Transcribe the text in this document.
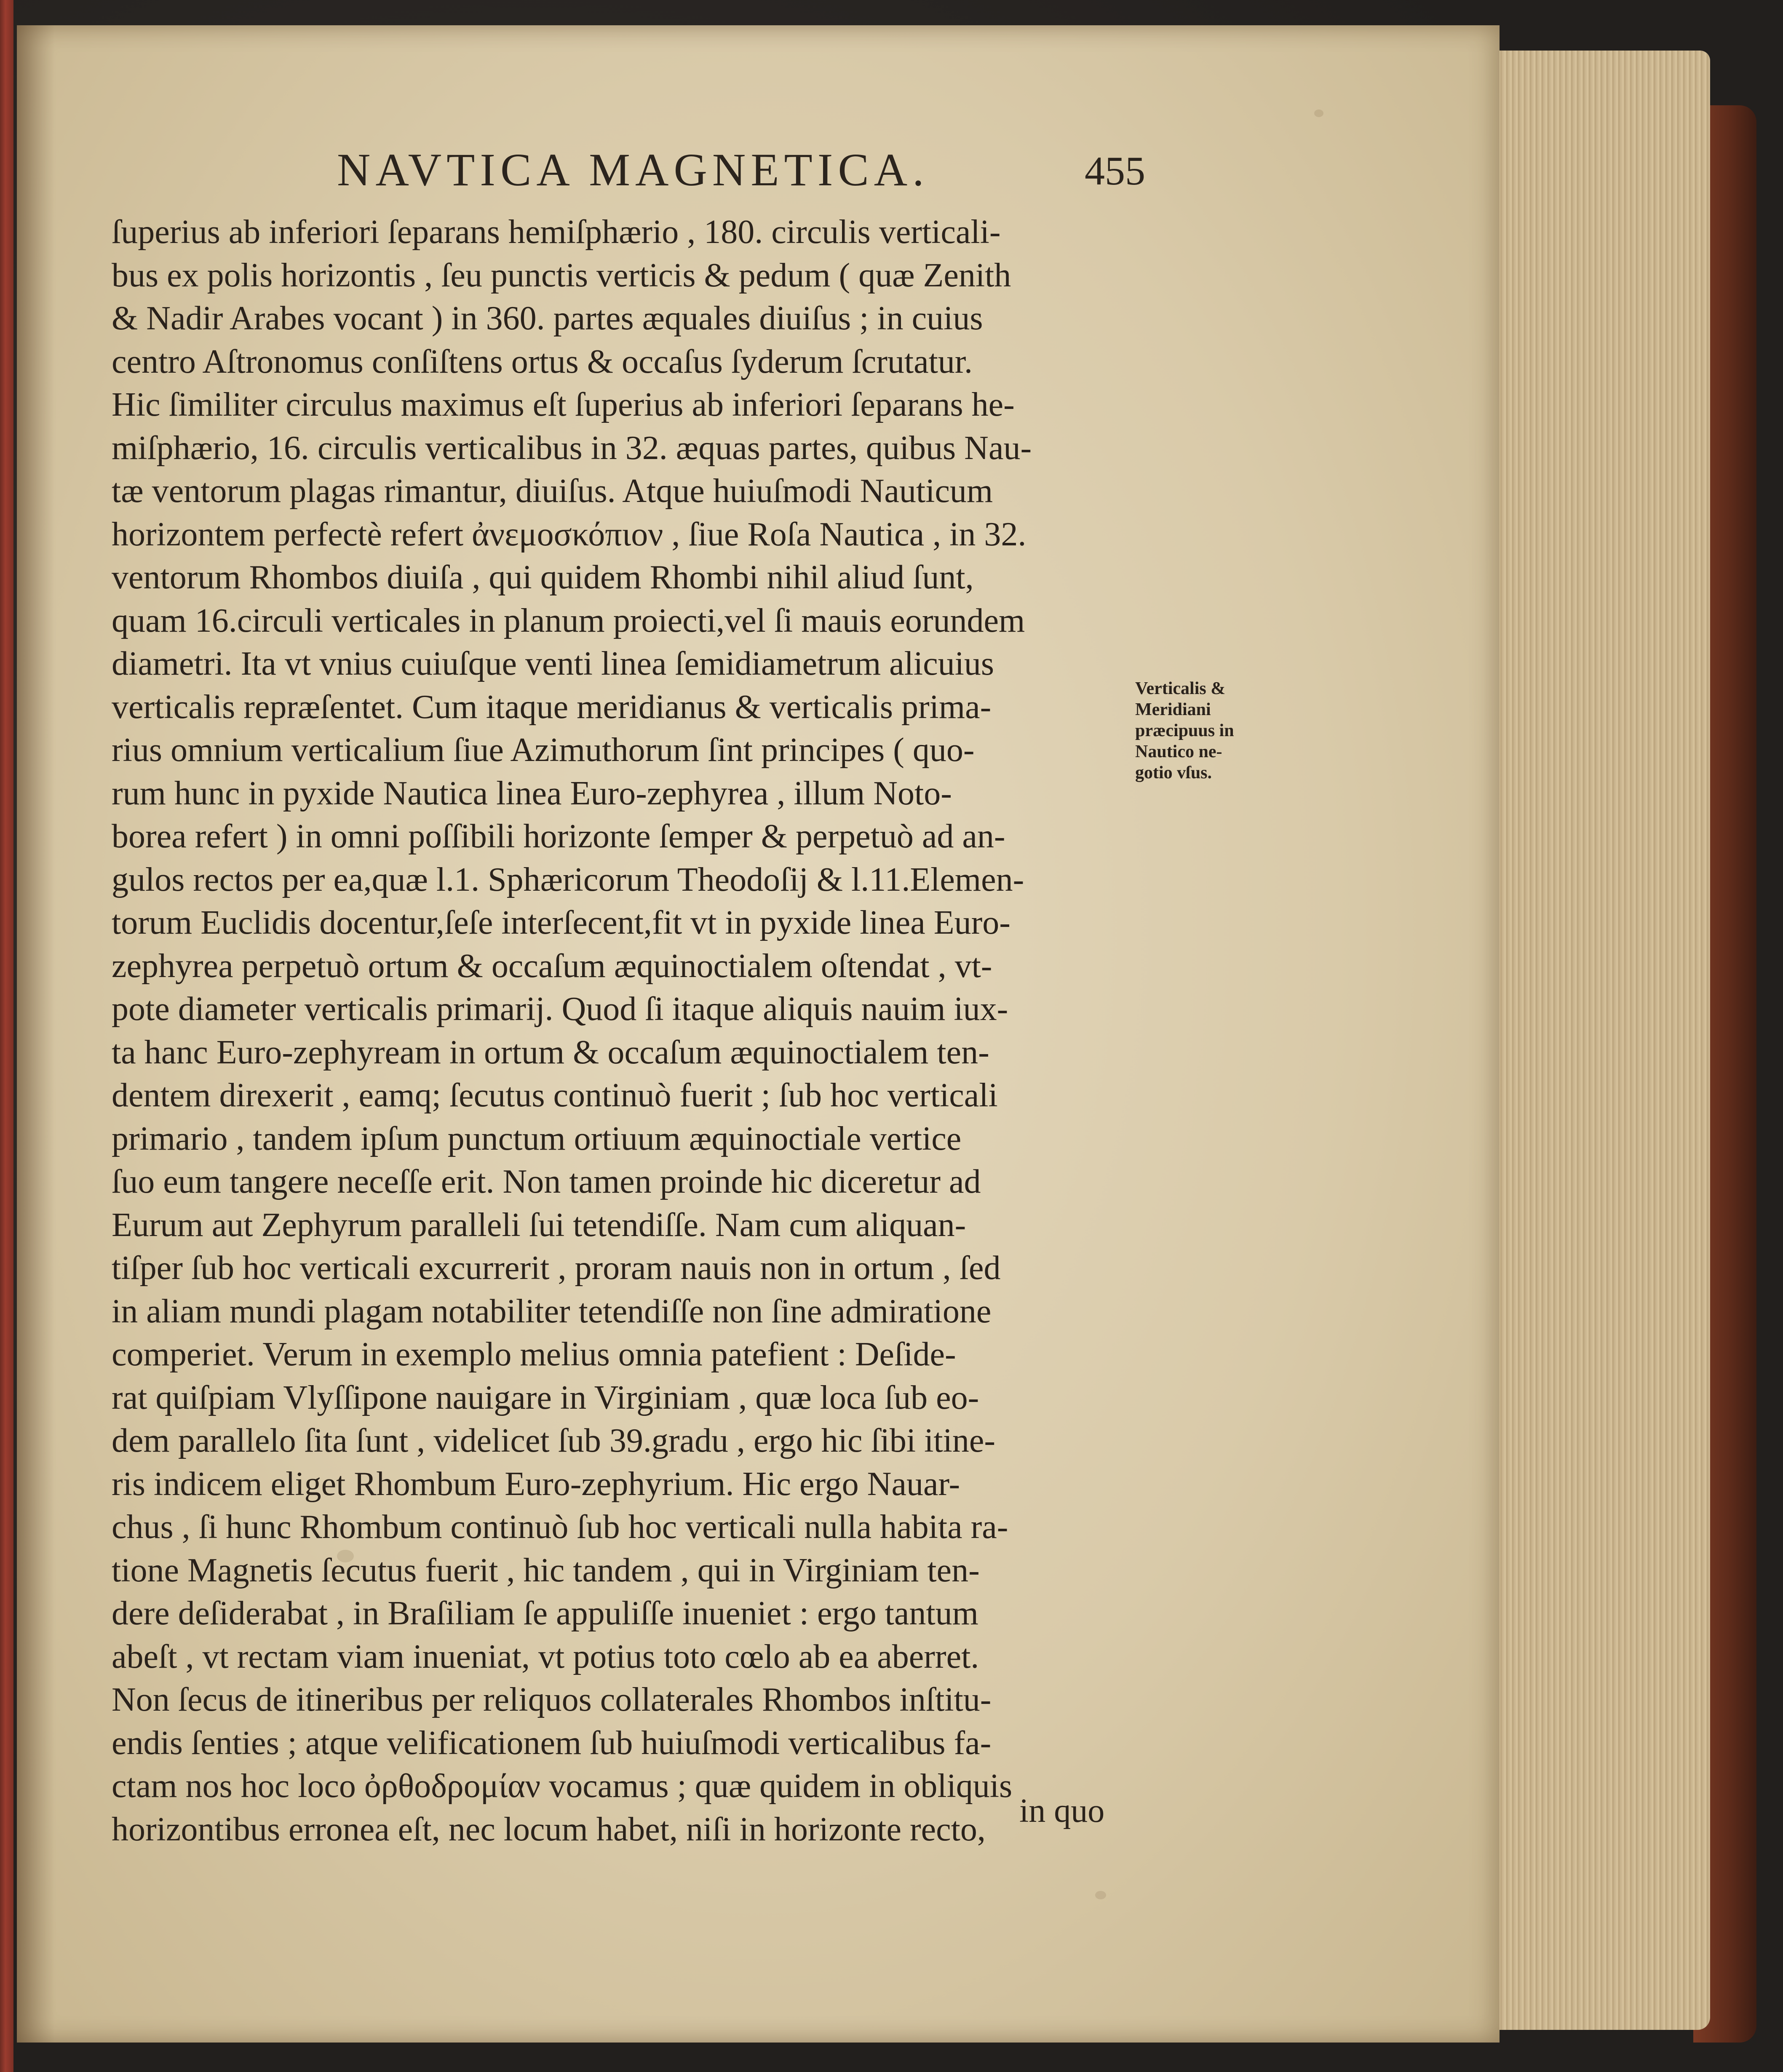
NAVTICA MAGNETICA.	455
ſuperius ab inferiori ſeparans hemiſphærio , 180. circulis verticali-
bus ex polis horizontis , ſeu punctis verticis & pedum ( quæ Zenith
& Nadir Arabes vocant ) in 360. partes æquales diuiſus ; in cuius
centro Aſtronomus conſiſtens ortus & occaſus ſyderum ſcrutatur.
Hic ſimiliter circulus maximus eſt ſuperius ab inferiori ſeparans he-
miſphærio, 16. circulis verticalibus in 32. æquas partes, quibus Nau-
tæ ventorum plagas rimantur, diuiſus. Atque huiuſmodi Nauticum
horizontem perfectè refert ἀνεμοσκόπιον , ſiue Roſa Nautica , in 32.
ventorum Rhombos diuiſa , qui quidem Rhombi nihil aliud ſunt,
quam 16.circuli verticales in planum proiecti,vel ſi mauis eorundem
diametri. Ita vt vnius cuiuſque venti linea ſemidiametrum alicuius
verticalis repræſentet. Cum itaque meridianus & verticalis prima-
rius omnium verticalium ſiue Azimuthorum ſint principes ( quo-
rum hunc in pyxide Nautica linea Euro-zephyrea , illum Noto-
borea refert ) in omni poſſibili horizonte ſemper & perpetuò ad an-
gulos rectos per ea,quæ l.1. Sphæricorum Theodoſij & l.11.Elemen-
torum Euclidis docentur,ſeſe interſecent,fit vt in pyxide linea Euro-
zephyrea perpetuò ortum & occaſum æquinoctialem oſtendat , vt-
pote diameter verticalis primarij. Quod ſi itaque aliquis nauim iux-
ta hanc Euro-zephyream in ortum & occaſum æquinoctialem ten-
dentem direxerit , eamq; ſecutus continuò fuerit ; ſub hoc verticali
primario , tandem ipſum punctum ortiuum æquinoctiale vertice
ſuo eum tangere neceſſe erit. Non tamen proinde hic diceretur ad
Eurum aut Zephyrum paralleli ſui tetendiſſe. Nam cum aliquan-
tiſper ſub hoc verticali excurrerit , proram nauis non in ortum , ſed
in aliam mundi plagam notabiliter tetendiſſe non ſine admiratione
comperiet. Verum in exemplo melius omnia patefient : Deſide-
rat quiſpiam Vlyſſipone nauigare in Virginiam , quæ loca ſub eo-
dem parallelo ſita ſunt , videlicet ſub 39.gradu , ergo hic ſibi itine-
ris indicem eliget Rhombum Euro-zephyrium. Hic ergo Nauar-
chus , ſi hunc Rhombum continuò ſub hoc verticali nulla habita ra-
tione Magnetis ſecutus fuerit , hic tandem , qui in Virginiam ten-
dere deſiderabat , in Braſiliam ſe appuliſſe inueniet : ergo tantum
abeſt , vt rectam viam inueniat, vt potius toto cœlo ab ea aberret.
Non ſecus de itineribus per reliquos collaterales Rhombos inſtitu-
endis ſenties ; atque velificationem ſub huiuſmodi verticalibus fa-
ctam nos hoc loco ὀρθοδρομίαν vocamus ; quæ quidem in obliquis
horizontibus erronea eſt, nec locum habet, niſi in horizonte recto,	in quo
Verticalis &
Meridiani
præcipuus in
Nautico ne-
gotio vſus.
